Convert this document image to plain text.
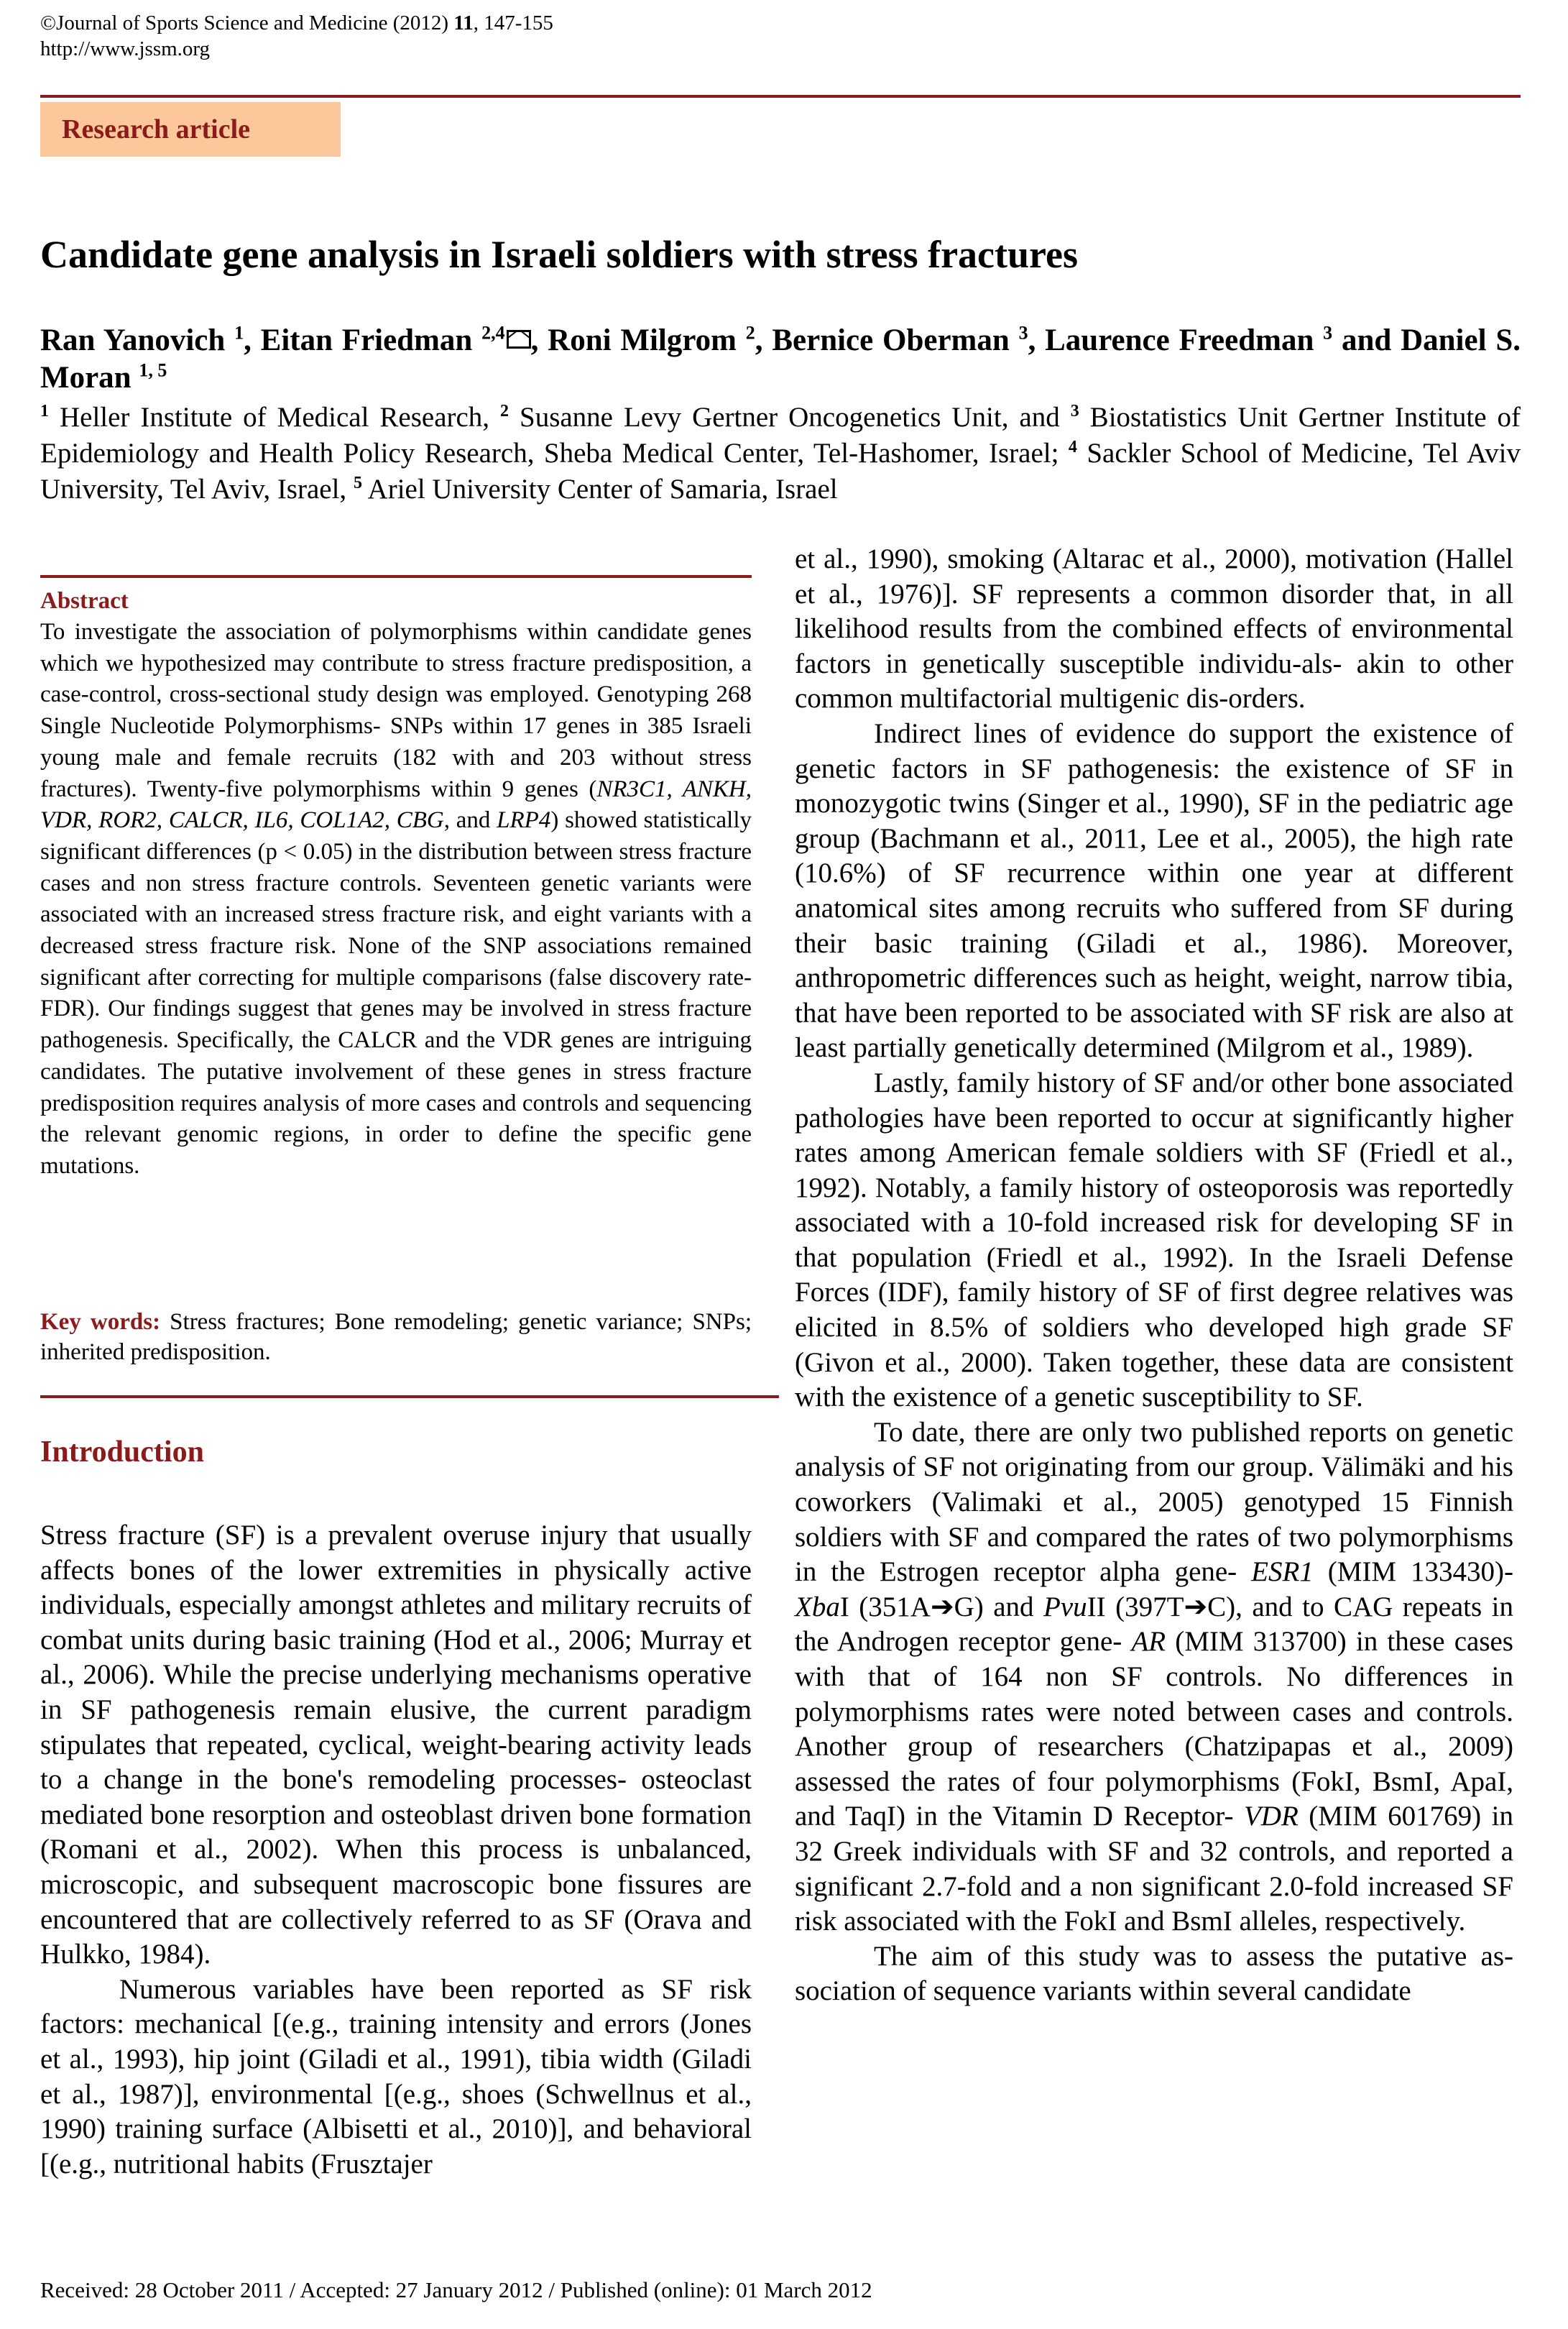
©Journal of Sports Science and Medicine (2012) 11, 147-155
http://www.jssm.org
Research article
Candidate gene analysis in Israeli soldiers with stress fractures
Ran Yanovich $^1$, Eitan Friedman $^{2,4}$ , Roni Milgrom $^2$, Bernice Oberman $^3$, Laurence Freedman $^3$ and Daniel S. Moran $^{1, 5}$
$^1$ Heller Institute of Medical Research, $^2$ Susanne Levy Gertner Oncogenetics Unit, and $^3$ Biostatistics Unit Gertner Institute of Epidemiology and Health Policy Research, Sheba Medical Center, Tel-Hashomer, Israel; $^4$ Sackler School of Medicine, Tel Aviv University, Tel Aviv, Israel, $^5$ Ariel University Center of Samaria, Israel
Abstract
To investigate the association of polymorphisms within candidate genes which we hypothesized may contribute to stress fracture predisposition, a case-control, cross-sectional study design was employed. Genotyping 268 Single Nucleotide Polymorphisms- SNPs within 17 genes in 385 Israeli young male and female recruits (182 with and 203 without stress fractures). Twenty-five polymorphisms within 9 genes (NR3C1, ANKH, VDR, ROR2, CALCR, IL6, COL1A2, CBG, and LRP4) showed statistically significant differences (p < 0.05) in the distribution between stress fracture cases and non stress fracture controls. Seventeen genetic variants were associated with an increased stress fracture risk, and eight variants with a decreased stress fracture risk. None of the SNP associations remained significant after correcting for multiple comparisons (false discovery rate- FDR). Our findings suggest that genes may be involved in stress fracture pathogenesis. Specifically, the CALCR and the VDR genes are intriguing candidates. The putative involvement of these genes in stress fracture predisposition requires analysis of more cases and controls and sequencing the relevant genomic regions, in order to define the specific gene mutations.
Key words: Stress fractures; Bone remodeling; genetic variance; SNPs; inherited predisposition.
Introduction

Stress fracture (SF) is a prevalent overuse injury that usually affects bones of the lower extremities in physically active individuals, especially amongst athletes and military recruits of combat units during basic training (Hod et al., 2006; Murray et al., 2006). While the precise underlying mechanisms operative in SF pathogenesis remain elusive, the current paradigm stipulates that repeated, cyclical, weight-bearing activity leads to a change in the bone's remodeling processes- osteoclast mediated bone resorption and osteoblast driven bone formation (Romani et al., 2002). When this process is unbalanced, microscopic, and subsequent macroscopic bone fissures are encountered that are collectively referred to as SF (Orava and Hulkko, 1984).

Numerous variables have been reported as SF risk factors: mechanical [(e.g., training intensity and errors (Jones et al., 1993), hip joint (Giladi et al., 1991), tibia width (Giladi et al., 1987)], environmental [(e.g., shoes (Schwellnus et al., 1990) training surface (Albisetti et al., 2010)], and behavioral [(e.g., nutritional habits (Frusztajer

et al., 1990), smoking (Altarac et al., 2000), motivation (Hallel et al., 1976)]. SF represents a common disorder that, in all likelihood results from the combined effects of environmental factors in genetically susceptible individu-als- akin to other common multifactorial multigenic dis-orders.

Indirect lines of evidence do support the existence of genetic factors in SF pathogenesis: the existence of SF in monozygotic twins (Singer et al., 1990), SF in the pediatric age group (Bachmann et al., 2011, Lee et al., 2005), the high rate (10.6%) of SF recurrence within one year at different anatomical sites among recruits who suffered from SF during their basic training (Giladi et al., 1986). Moreover, anthropometric differences such as height, weight, narrow tibia, that have been reported to be associated with SF risk are also at least partially genetically determined (Milgrom et al., 1989).

Lastly, family history of SF and/or other bone associated pathologies have been reported to occur at significantly higher rates among American female soldiers with SF (Friedl et al., 1992). Notably, a family history of osteoporosis was reportedly associated with a 10-fold increased risk for developing SF in that population (Friedl et al., 1992). In the Israeli Defense Forces (IDF), family history of SF of first degree relatives was elicited in 8.5% of soldiers who developed high grade SF (Givon et al., 2000). Taken together, these data are consistent with the existence of a genetic susceptibility to SF.

To date, there are only two published reports on genetic analysis of SF not originating from our group. Välimäki and his coworkers (Valimaki et al., 2005) genotyped 15 Finnish soldiers with SF and compared the rates of two polymorphisms in the Estrogen receptor alpha gene- ESR1 (MIM 133430)- XbaI (351A➔G) and PvuII (397T➔C), and to CAG repeats in the Androgen receptor gene- AR (MIM 313700) in these cases with that of 164 non SF controls. No differences in polymorphisms rates were noted between cases and controls. Another group of researchers (Chatzipapas et al., 2009) assessed the rates of four polymorphisms (FokI, BsmI, ApaI, and TaqI) in the Vitamin D Receptor- VDR (MIM 601769) in 32 Greek individuals with SF and 32 controls, and reported a significant 2.7-fold and a non significant 2.0-fold increased SF risk associated with the FokI and BsmI alleles, respectively.

The aim of this study was to assess the putative as-sociation of sequence variants within several candidate

Received: 28 October 2011 / Accepted: 27 January 2012 / Published (online): 01 March 2012
